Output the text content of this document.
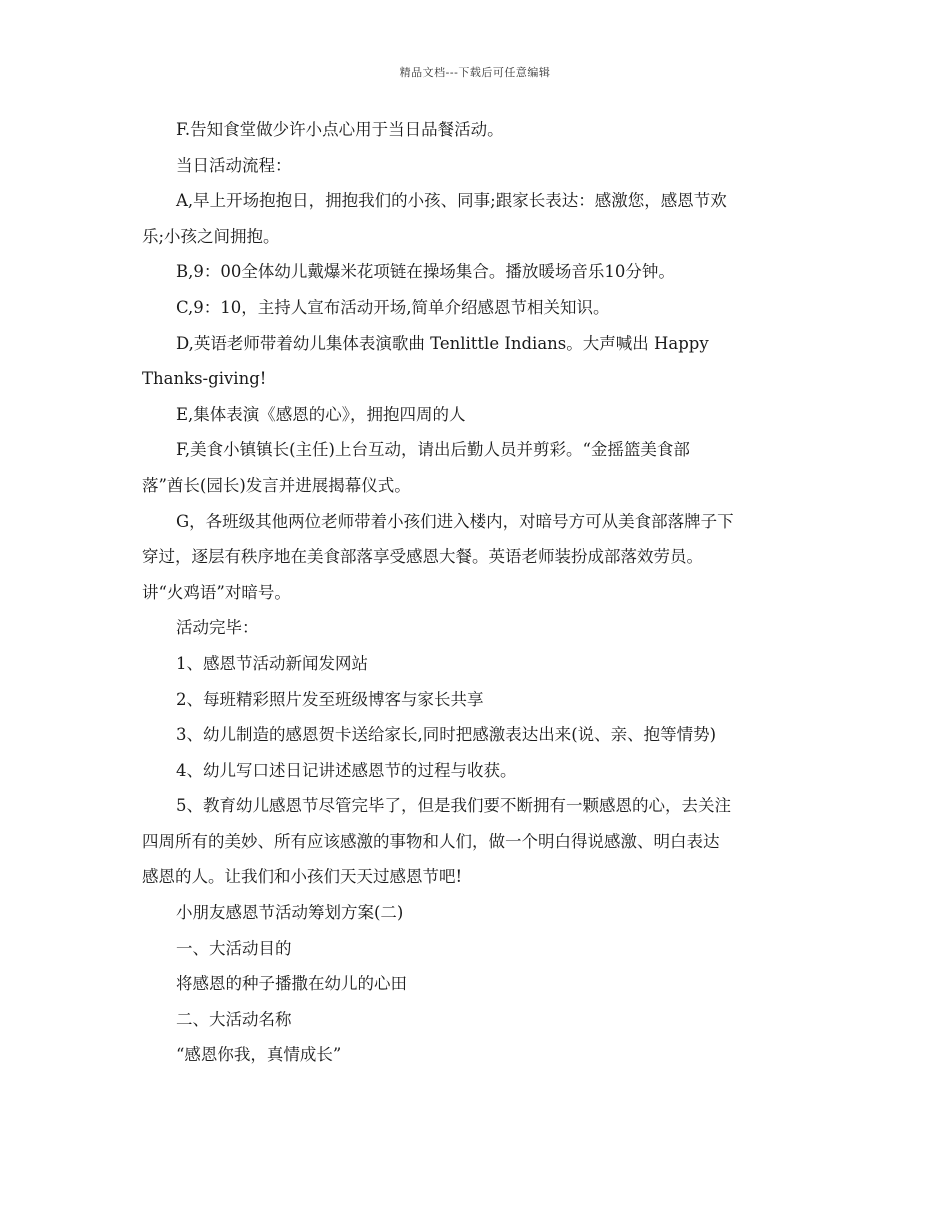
精品文档---下载后可任意编辑
F.告知食堂做少许小点心用于当日品餐活动。
当日活动流程：
A,早上开场抱抱日，拥抱我们的小孩、同事;跟家长表达：感激您，感恩节欢
乐;小孩之间拥抱。
B,9：00全体幼儿戴爆米花项链在操场集合。播放暖场音乐10分钟。
C,9：10，主持人宣布活动开场,简单介绍感恩节相关知识。
D,英语老师带着幼儿集体表演歌曲 Tenlittle Indians。大声喊出 Happy
Thanks-giving!
E,集体表演《感恩的心》，拥抱四周的人
F,美食小镇镇长(主任)上台互动，请出后勤人员并剪彩。“金摇篮美食部
落”酋长(园长)发言并进展揭幕仪式。
G，各班级其他两位老师带着小孩们进入楼内，对暗号方可从美食部落牌子下
穿过，逐层有秩序地在美食部落享受感恩大餐。英语老师装扮成部落效劳员。
讲“火鸡语”对暗号。
活动完毕：
1、感恩节活动新闻发网站
2、每班精彩照片发至班级博客与家长共享
3、幼儿制造的感恩贺卡送给家长,同时把感激表达出来(说、亲、抱等情势)
4、幼儿写口述日记讲述感恩节的过程与收获。
5、教育幼儿感恩节尽管完毕了，但是我们要不断拥有一颗感恩的心，去关注
四周所有的美妙、所有应该感激的事物和人们，做一个明白得说感激、明白表达
感恩的人。让我们和小孩们天天过感恩节吧!
小朋友感恩节活动筹划方案(二)
一、大活动目的
将感恩的种子播撒在幼儿的心田
二、大活动名称
“感恩你我，真情成长”
